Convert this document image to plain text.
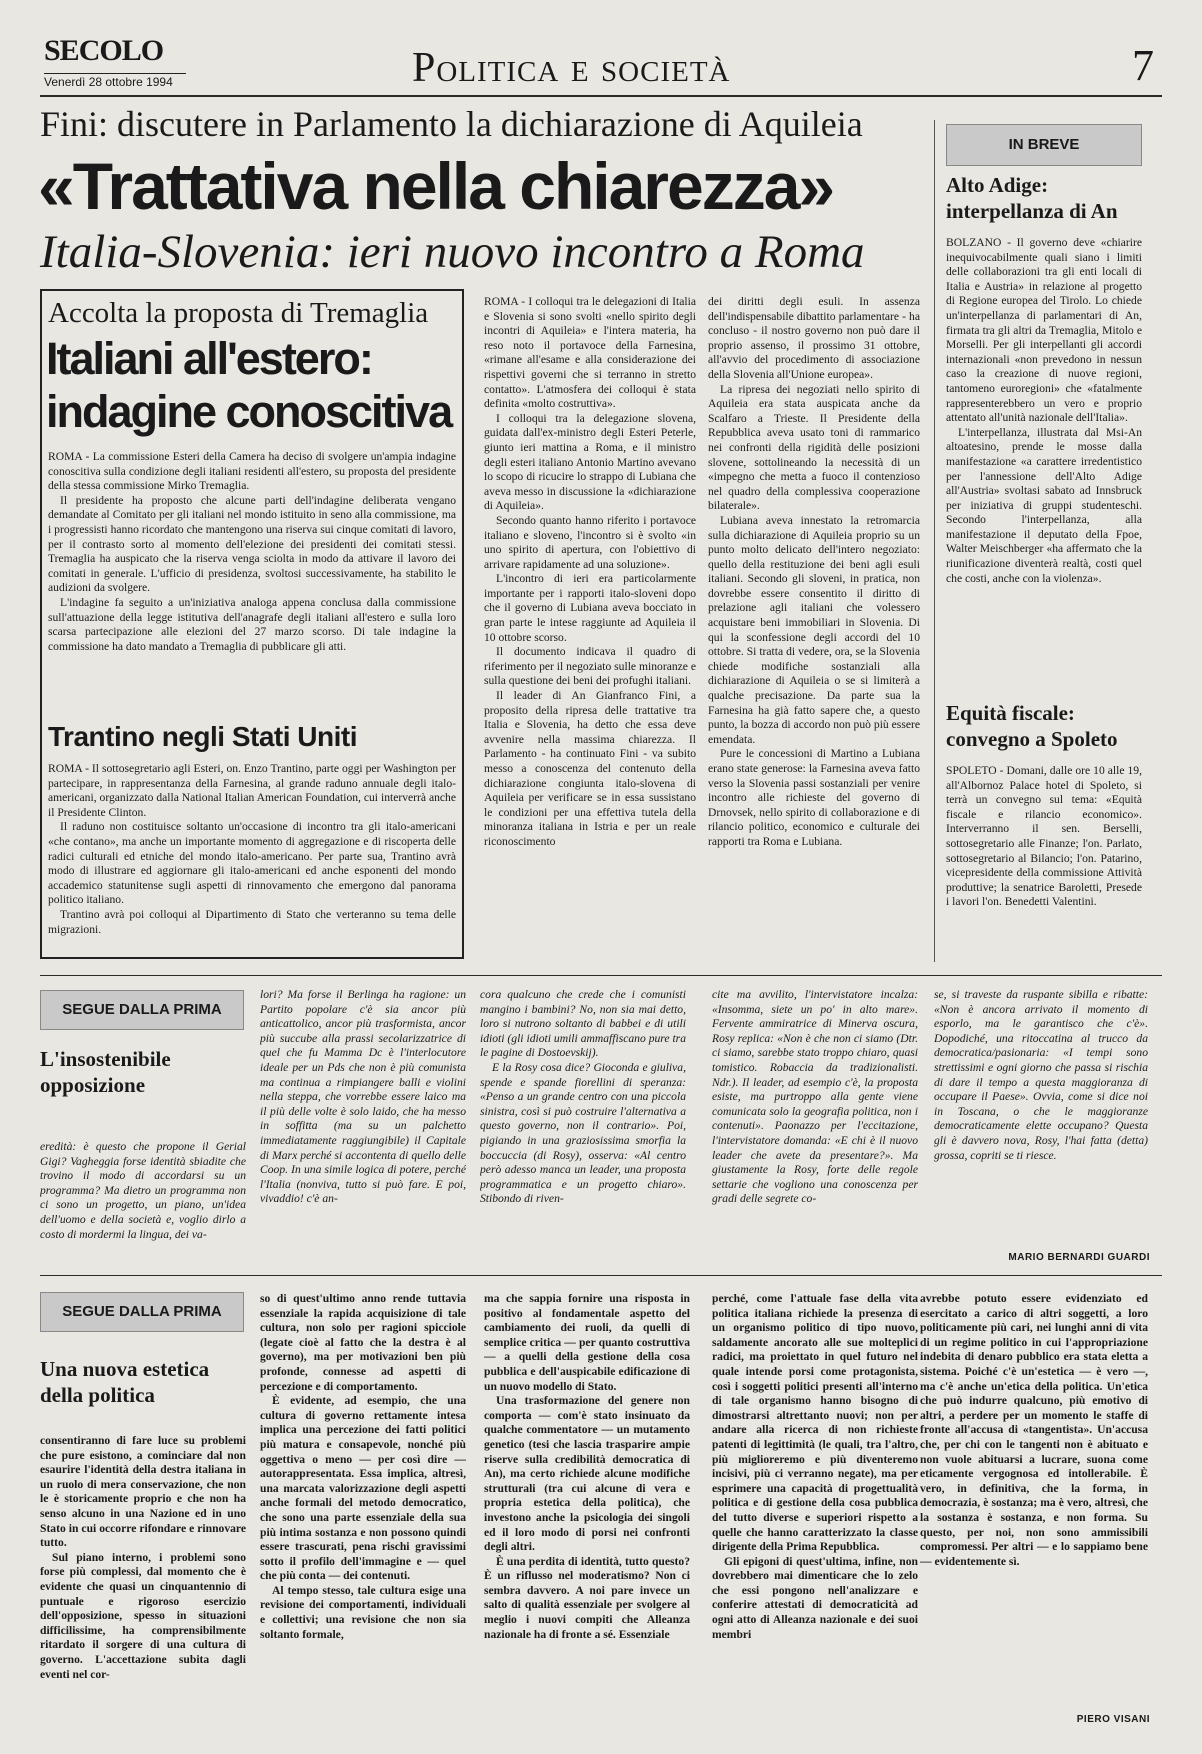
SECOLO
Venerdì 28 ottobre 1994	Politica e società	7
Fini: discutere in Parlamento la dichiarazione di Aquileia
«Trattativa nella chiarezza»
Italia-Slovenia: ieri nuovo incontro a Roma
Accolta la proposta di Tremaglia
Italiani all'estero:
indagine conoscitiva

ROMA - La commissione Esteri della Camera ha deciso di svolgere un'ampia indagine conoscitiva sulla condizione degli italiani residenti all'estero, su proposta del presidente della stessa commissione Mirko Tremaglia.

Il presidente ha proposto che alcune parti dell'indagine deliberata vengano demandate al Comitato per gli italiani nel mondo istituito in seno alla commissione, ma i progressisti hanno ricordato che mantengono una riserva sui cinque comitati di lavoro, per il contrasto sorto al momento dell'elezione dei presidenti dei comitati stessi. Tremaglia ha auspicato che la riserva venga sciolta in modo da attivare il lavoro dei comitati in generale. L'ufficio di presidenza, svoltosi successivamente, ha stabilito le audizioni da svolgere.

L'indagine fa seguito a un'iniziativa analoga appena conclusa dalla commissione sull'attuazione della legge istitutiva dell'anagrafe degli italiani all'estero e sulla loro scarsa partecipazione alle elezioni del 27 marzo scorso. Di tale indagine la commissione ha dato mandato a Tremaglia di pubblicare gli atti.

Trantino negli Stati Uniti

ROMA - Il sottosegretario agli Esteri, on. Enzo Trantino, parte oggi per Washington per partecipare, in rappresentanza della Farnesina, al grande raduno annuale degli italo-americani, organizzato dalla National Italian American Foundation, cui interverrà anche il Presidente Clinton.

Il raduno non costituisce soltanto un'occasione di incontro tra gli italo-americani «che contano», ma anche un importante momento di aggregazione e di riscoperta delle radici culturali ed etniche del mondo italo-americano. Per parte sua, Trantino avrà modo di illustrare ed aggiornare gli italo-americani ed anche esponenti del mondo accademico statunitense sugli aspetti di rinnovamento che emergono dal panorama politico italiano.

Trantino avrà poi colloqui al Dipartimento di Stato che verteranno su tema delle migrazioni.

ROMA - I colloqui tra le delegazioni di Italia e Slovenia si sono svolti «nello spirito degli incontri di Aquileia» e l'intera materia, ha reso noto il portavoce della Farnesina, «rimane all'esame e alla considerazione dei rispettivi governi che si terranno in stretto contatto». L'atmosfera dei colloqui è stata definita «molto costruttiva».

I colloqui tra la delegazione slovena, guidata dall'ex-ministro degli Esteri Peterle, giunto ieri mattina a Roma, e il ministro degli esteri italiano Antonio Martino avevano lo scopo di ricucire lo strappo di Lubiana che aveva messo in discussione la «dichiarazione di Aquileia».

Secondo quanto hanno riferito i portavoce italiano e sloveno, l'incontro si è svolto «in uno spirito di apertura, con l'obiettivo di arrivare rapidamente ad una soluzione».

L'incontro di ieri era particolarmente importante per i rapporti italo-sloveni dopo che il governo di Lubiana aveva bocciato in gran parte le intese raggiunte ad Aquileia il 10 ottobre scorso.

Il documento indicava il quadro di riferimento per il negoziato sulle minoranze e sulla questione dei beni dei profughi italiani.

Il leader di An Gianfranco Fini, a proposito della ripresa delle trattative tra Italia e Slovenia, ha detto che essa deve avvenire nella massima chiarezza. Il Parlamento - ha continuato Fini - va subito messo a conoscenza del contenuto della dichiarazione congiunta italo-slovena di Aquileia per verificare se in essa sussistano le condizioni per una effettiva tutela della minoranza italiana in Istria e per un reale riconoscimento

dei diritti degli esuli. In assenza dell'indispensabile dibattito parlamentare - ha concluso - il nostro governo non può dare il proprio assenso, il prossimo 31 ottobre, all'avvio del procedimento di associazione della Slovenia all'Unione europea».

La ripresa dei negoziati nello spirito di Aquileia era stata auspicata anche da Scalfaro a Trieste. Il Presidente della Repubblica aveva usato toni di rammarico nei confronti della rigidità delle posizioni slovene, sottolineando la necessità di un «impegno che metta a fuoco il contenzioso nel quadro della complessiva cooperazione bilaterale».

Lubiana aveva innestato la retromarcia sulla dichiarazione di Aquileia proprio su un punto molto delicato dell'intero negoziato: quello della restituzione dei beni agli esuli italiani. Secondo gli sloveni, in pratica, non dovrebbe essere consentito il diritto di prelazione agli italiani che volessero acquistare beni immobiliari in Slovenia. Di qui la sconfessione degli accordi del 10 ottobre. Si tratta di vedere, ora, se la Slovenia chiede modifiche sostanziali alla dichiarazione di Aquileia o se si limiterà a qualche precisazione. Da parte sua la Farnesina ha già fatto sapere che, a questo punto, la bozza di accordo non può più essere emendata.

Pure le concessioni di Martino a Lubiana erano state generose: la Farnesina aveva fatto verso la Slovenia passi sostanziali per venire incontro alle richieste del governo di Drnovsek, nello spirito di collaborazione e di rilancio politico, economico e culturale dei rapporti tra Roma e Lubiana.

IN BREVE
Alto Adige: interpellanza di An

BOLZANO - Il governo deve «chiarire inequivocabilmente quali siano i limiti delle collaborazioni tra gli enti locali di Italia e Austria» in relazione al progetto di Regione europea del Tirolo. Lo chiede un'interpellanza di parlamentari di An, firmata tra gli altri da Tremaglia, Mitolo e Morselli. Per gli interpellanti gli accordi internazionali «non prevedono in nessun caso la creazione di nuove regioni, tantomeno euroregioni» che «fatalmente rappresenterebbero un vero e proprio attentato all'unità nazionale dell'Italia».

L'interpellanza, illustrata dal Msi-An altoatesino, prende le mosse dalla manifestazione «a carattere irredentistico per l'annessione dell'Alto Adige all'Austria» svoltasi sabato ad Innsbruck per iniziativa di gruppi studenteschi. Secondo l'interpellanza, alla manifestazione il deputato della Fpoe, Walter Meischberger «ha affermato che la riunificazione diventerà realtà, costi quel che costi, anche con la violenza».

Equità fiscale: convegno a Spoleto

SPOLETO - Domani, dalle ore 10 alle 19, all'Albornoz Palace hotel di Spoleto, si terrà un convegno sul tema: «Equità fiscale e rilancio economico». Interverranno il sen. Berselli, sottosegretario alle Finanze; l'on. Parlato, sottosegretario al Bilancio; l'on. Patarino, vicepresidente della commissione Attività produttive; la senatrice Baroletti, Presede i lavori l'on. Benedetti Valentini.

SEGUE DALLA PRIMA
L'insostenibile opposizione
eredità: è questo che propone il Gerial Gigi? Vagheggia forse identità sbiadite che trovino il modo di accordarsi su un programma? Ma dietro un programma non ci sono un progetto, un piano, un'idea dell'uomo e della società e, voglio dirlo a costo di mordermi la lingua, dei va-
lori? Ma forse il Berlinga ha ragione: un Partito popolare c'è sia ancor più anticattolico, ancor più trasformista, ancor più succube alla prassi secolarizzatrice di quel che fu Mamma Dc è l'interlocutore ideale per un Pds che non è più comunista ma continua a rimpiangere balli e violini nella steppa, che vorrebbe essere laico ma il più delle volte è solo laido, che ha messo in soffitta (ma su un palchetto immediatamente raggiungibile) il Capitale di Marx perché si accontenta di quello delle Coop. In una simile logica di potere, perché l'Italia (nonviva, tutto si può fare. E poi, vivaddio! c'è an-

cora qualcuno che crede che i comunisti mangino i bambini? No, non sia mai detto, loro si nutrono soltanto di babbei e di utili idioti (gli idioti umili ammaffiscano pure tra le pagine di Dostoevskij).

E la Rosy cosa dice? Gioconda e giuliva, spende e spande fiorellini di speranza: «Penso a un grande centro con una piccola sinistra, così si può costruire l'alternativa a questo governo, non il contrario». Poi, pigiando in una graziosissima smorfia la boccuccia (di Rosy), osserva: «Al centro però adesso manca un leader, una proposta programmatica e un progetto chiaro». Stibondo di riven-

cite ma avvilito, l'intervistatore incalza: «Insomma, siete un po' in alto mare». Fervente ammiratrice di Minerva oscura, Rosy replica: «Non è che non ci siamo (Dtr. ci siamo, sarebbe stato troppo chiaro, quasi tomistico. Robaccia da tradizionalisti. Ndr.). Il leader, ad esempio c'è, la proposta esiste, ma purtroppo alla gente viene comunicata solo la geografia politica, non i contenuti». Paonazzo per l'eccitazione, l'intervistatore domanda: «E chi è il nuovo leader che avete da presentare?». Ma giustamente la Rosy, forte delle regole settarie che vogliono una conoscenza per gradi delle segrete co-
se, si traveste da ruspante sibilla e ribatte: «Non è ancora arrivato il momento di esporlo, ma le garantisco che c'è». Dopodiché, una ritoccatina al trucco da democratica/pasionaria: «I tempi sono strettissimi e ogni giorno che passa si rischia di dare il tempo a questa maggioranza di occupare il Paese». Ovvia, come si dice noi in Toscana, o che le maggioranze democraticamente elette occupano? Questa gli è davvero nova, Rosy, l'hai fatta (detta) grossa, copriti se ti riesce.
MARIO BERNARDI GUARDI
SEGUE DALLA PRIMA
Una nuova estetica della politica

consentiranno di fare luce su problemi che pure esistono, a cominciare dal non esaurire l'identità della destra italiana in un ruolo di mera conservazione, che non le è storicamente proprio e che non ha senso alcuno in una Nazione ed in uno Stato in cui occorre rifondare e rinnovare tutto.

Sul piano interno, i problemi sono forse più complessi, dal momento che è evidente che quasi un cinquantennio di puntuale e rigoroso esercizio dell'opposizione, spesso in situazioni difficilissime, ha comprensibilmente ritardato il sorgere di una cultura di governo. L'accettazione subita dagli eventi nel cor-

so di quest'ultimo anno rende tuttavia essenziale la rapida acquisizione di tale cultura, non solo per ragioni spicciole (legate cioè al fatto che la destra è al governo), ma per motivazioni ben più profonde, connesse ad aspetti di percezione e di comportamento.

È evidente, ad esempio, che una cultura di governo rettamente intesa implica una percezione dei fatti politici più matura e consapevole, nonché più oggettiva o meno — per così dire — autorappresentata. Essa implica, altresì, una marcata valorizzazione degli aspetti anche formali del metodo democratico, che sono una parte essenziale della sua più intima sostanza e non possono quindi essere trascurati, pena rischi gravissimi sotto il profilo dell'immagine e — quel che più conta — dei contenuti.

Al tempo stesso, tale cultura esige una revisione dei comportamenti, individuali e collettivi; una revisione che non sia soltanto formale,

ma che sappia fornire una risposta in positivo al fondamentale aspetto del cambiamento dei ruoli, da quelli di semplice critica — per quanto costruttiva — a quelli della gestione della cosa pubblica e dell'auspicabile edificazione di un nuovo modello di Stato.

Una trasformazione del genere non comporta — com'è stato insinuato da qualche commentatore — un mutamento genetico (tesi che lascia trasparire ampie riserve sulla credibilità democratica di An), ma certo richiede alcune modifiche strutturali (tra cui alcune di vera e propria estetica della politica), che investono anche la psicologia dei singoli ed il loro modo di porsi nei confronti degli altri.

È una perdita di identità, tutto questo? È un riflusso nel moderatismo? Non ci sembra davvero. A noi pare invece un salto di qualità essenziale per svolgere al meglio i nuovi compiti che Alleanza nazionale ha di fronte a sé. Essenziale

perché, come l'attuale fase della vita politica italiana richiede la presenza di un organismo politico di tipo nuovo, saldamente ancorato alle sue molteplici radici, ma proiettato in quel futuro nel quale intende porsi come protagonista, così i soggetti politici presenti all'interno di tale organismo hanno bisogno di dimostrarsi altrettanto nuovi; non per andare alla ricerca di non richieste patenti di legittimità (le quali, tra l'altro, più miglioreremo e più diventeremo incisivi, più ci verranno negate), ma per esprimere una capacità di progettualità politica e di gestione della cosa pubblica del tutto diverse e superiori rispetto a quelle che hanno caratterizzato la classe dirigente della Prima Repubblica.

Gli epigoni di quest'ultima, infine, non dovrebbero mai dimenticare che lo zelo che essi pongono nell'analizzare e conferire attestati di democraticità ad ogni atto di Alleanza nazionale e dei suoi membri

avrebbe potuto essere evidenziato ed esercitato a carico di altri soggetti, a loro politicamente più cari, nei lunghi anni di vita di un regime politico in cui l'appropriazione indebita di denaro pubblico era stata eletta a sistema. Poiché c'è un'estetica — è vero —, ma c'è anche un'etica della politica. Un'etica che può indurre qualcuno, più emotivo di altri, a perdere per un momento le staffe di fronte all'accusa di «tangentista». Un'accusa che, per chi con le tangenti non è abituato e non vuole abituarsi a lucrare, suona come eticamente vergognosa ed intollerabile. È vero, in definitiva, che la forma, in democrazia, è sostanza; ma è vero, altresì, che la sostanza è sostanza, e non forma. Su questo, per noi, non sono ammissibili compromessi. Per altri — e lo sappiamo bene — evidentemente sì.
PIERO VISANI
